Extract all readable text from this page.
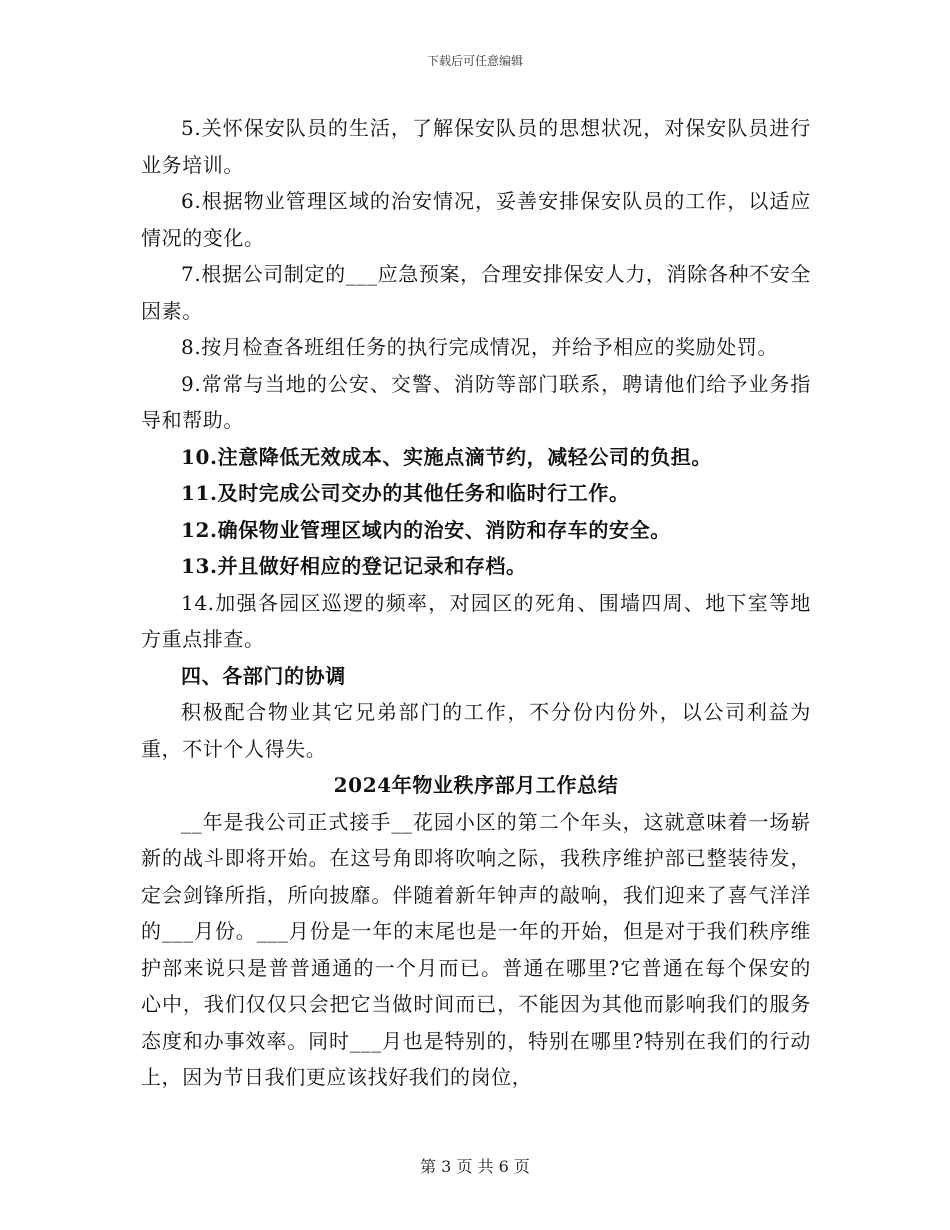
下载后可任意编辑

5.关怀保安队员的生活，了解保安队员的思想状况，对保安队员进行业务培训。

6.根据物业管理区域的治安情况，妥善安排保安队员的工作，以适应情况的变化。

7.根据公司制定的___应急预案，合理安排保安人力，消除各种不安全因素。

8.按月检查各班组任务的执行完成情况，并给予相应的奖励处罚。

9.常常与当地的公安、交警、消防等部门联系，聘请他们给予业务指导和帮助。

10.注意降低无效成本、实施点滴节约，减轻公司的负担。

11.及时完成公司交办的其他任务和临时行工作。

12.确保物业管理区域内的治安、消防和存车的安全。

13.并且做好相应的登记记录和存档。

14.加强各园区巡逻的频率，对园区的死角、围墙四周、地下室等地方重点排查。

四、各部门的协调

积极配合物业其它兄弟部门的工作，不分份内份外，以公司利益为重，不计个人得失。

2024年物业秩序部月工作总结

__年是我公司正式接手__花园小区的第二个年头，这就意味着一场崭新的战斗即将开始。在这号角即将吹响之际，我秩序维护部已整装待发，定会剑锋所指，所向披靡。伴随着新年钟声的敲响，我们迎来了喜气洋洋的___月份。___月份是一年的末尾也是一年的开始，但是对于我们秩序维护部来说只是普普通通的一个月而已。普通在哪里?它普通在每个保安的心中，我们仅仅只会把它当做时间而已，不能因为其他而影响我们的服务态度和办事效率。同时___月也是特别的，特别在哪里?特别在我们的行动上，因为节日我们更应该找好我们的岗位，

第 3 页 共 6 页
